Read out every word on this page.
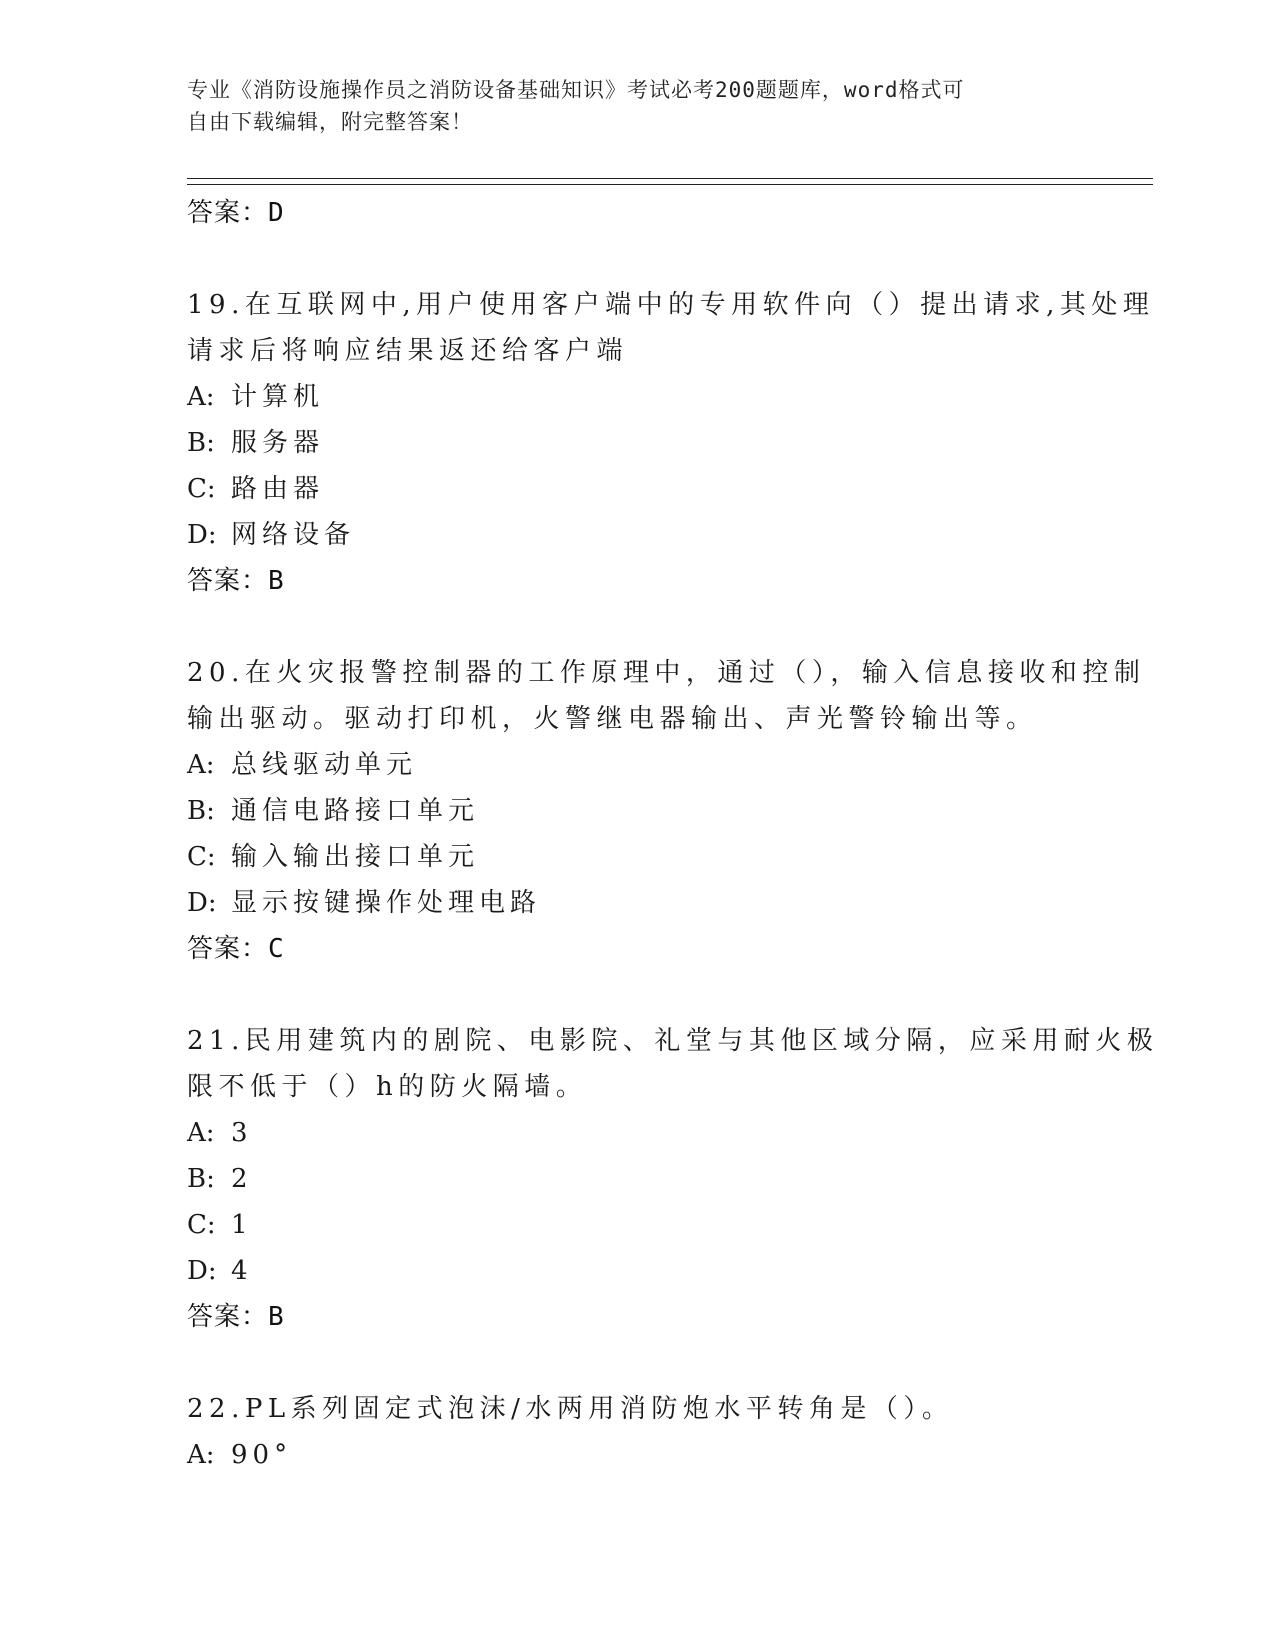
专业《消防设施操作员之消防设备基础知识》考试必考200题题库，word格式可
自由下载编辑，附完整答案！
答案：D
19.在互联网中,用户使用客户端中的专用软件向（）提出请求,其处理
请求后将响应结果返还给客户端
A: 计算机
B: 服务器
C: 路由器
D: 网络设备
答案：B
20.在火灾报警控制器的工作原理中，通过（），输入信息接收和控制
输出驱动。驱动打印机，火警继电器输出、声光警铃输出等。
A: 总线驱动单元
B: 通信电路接口单元
C: 输入输出接口单元
D: 显示按键操作处理电路
答案：C
21.民用建筑内的剧院、电影院、礼堂与其他区域分隔，应采用耐火极
限不低于（）h的防火隔墙。
A: 3
B: 2
C: 1
D: 4
答案：B
22.PL系列固定式泡沫/水两用消防炮水平转角是（）。
A: 90°
